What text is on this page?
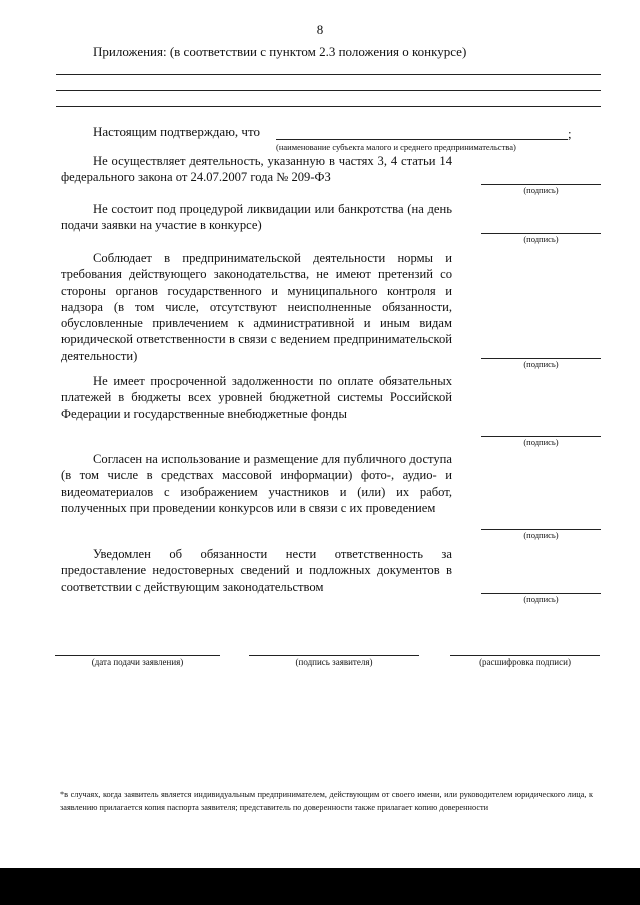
8
Приложения: (в соответствии с пунктом 2.3 положения о конкурсе)
Настоящим подтверждаю, что	;
(наименование субъекта малого и среднего предпринимательства)
Не осуществляет деятельность, указанную в частях 3, 4 статьи 14 федерального закона от 24.07.2007 года № 209-ФЗ
(подпись)
Не состоит под процедурой ликвидации или банкротства (на день подачи заявки на участие в конкурсе)
(подпись)
Соблюдает в предпринимательской деятельности нормы и требования действующего законодательства, не имеют претензий со стороны органов государственного и муниципального контроля и надзора (в том числе, отсутствуют неисполненные обязанности, обусловленные привлечением к административной и иным видам юридической ответственности в связи с ведением предпринимательской деятельности)
(подпись)
Не имеет просроченной задолженности по оплате обязательных платежей в бюджеты всех уровней бюджетной системы Российской Федерации и государственные внебюджетные фонды
(подпись)
Согласен на использование и размещение для публичного доступа (в том числе в средствах массовой информации) фото-, аудио- и видеоматериалов с изображением участников и (или) их работ, полученных при проведении конкурсов или в связи с их проведением
(подпись)
Уведомлен об обязанности нести ответственность за предоставление недостоверных сведений и подложных документов в соответствии с действующим законодательством
(подпись)
(дата подачи заявления)	(подпись заявителя)	(расшифровка подписи)
*в случаях, когда заявитель является индивидуальным предпринимателем, действующим от своего имени, или руководителем юридического лица, к заявлению прилагается копия паспорта заявителя; представитель по доверенности также прилагает копию доверенности
